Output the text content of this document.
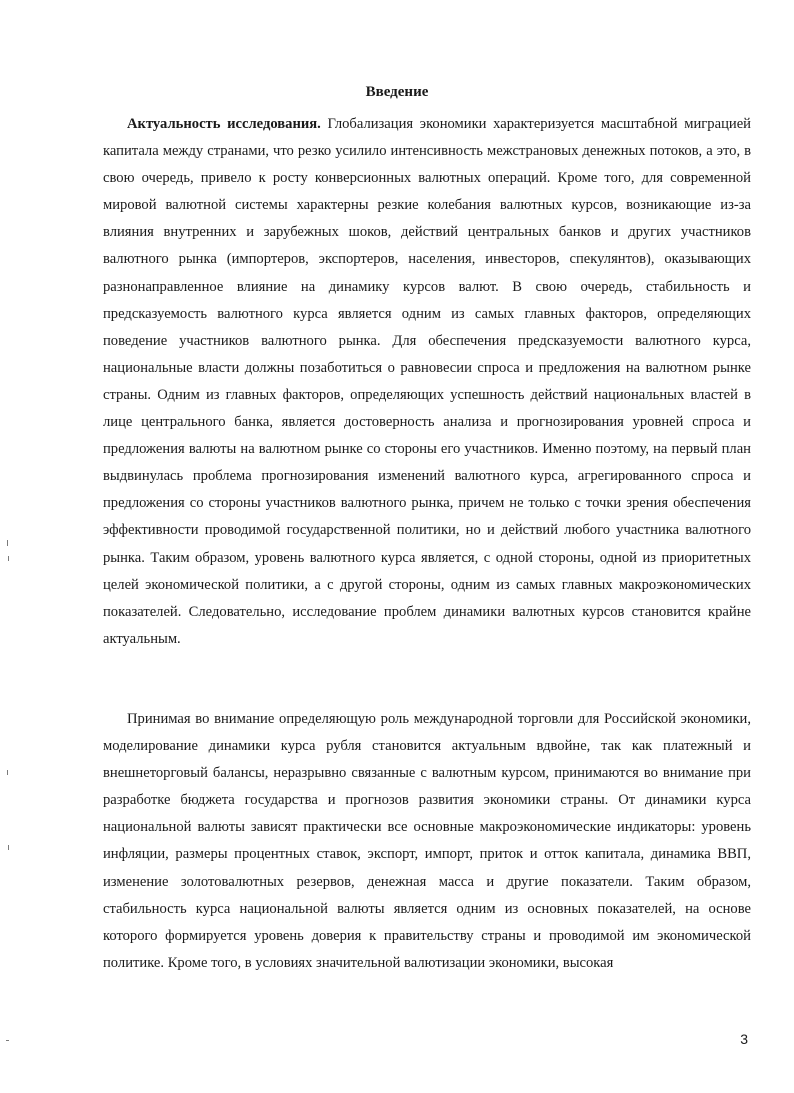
Введение

Актуальность исследования. Глобализация экономики характеризуется масштабной миграцией капитала между странами, что резко усилило интенсивность межстрановых денежных потоков, а это, в свою очередь, привело к росту конверсионных валютных операций. Кроме того, для современной мировой валютной системы характерны резкие колебания валютных курсов, возникающие из-за влияния внутренних и зарубежных шоков, действий центральных банков и других участников валютного рынка (импортеров, экспортеров, населения, инвесторов, спекулянтов), оказывающих разнонаправленное влияние на динамику курсов валют. В свою очередь, стабильность и предсказуемость валютного курса является одним из самых главных факторов, определяющих поведение участников валютного рынка. Для обеспечения предсказуемости валютного курса, национальные власти должны позаботиться о равновесии спроса и предложения на валютном рынке страны. Одним из главных факторов, определяющих успешность действий национальных властей в лице центрального банка, является достоверность анализа и прогнозирования уровней спроса и предложения валюты на валютном рынке со стороны его участников. Именно поэтому, на первый план выдвинулась проблема прогнозирования изменений валютного курса, агрегированного спроса и предложения со стороны участников валютного рынка, причем не только с точки зрения обеспечения эффективности проводимой государственной политики, но и действий любого участника валютного рынка. Таким образом, уровень валютного курса является, с одной стороны, одной из приоритетных целей экономической политики, а с другой стороны, одним из самых главных макроэкономических показателей. Следовательно, исследование проблем динамики валютных курсов становится крайне актуальным.

Принимая во внимание определяющую роль международной торговли для Российской экономики, моделирование динамики курса рубля становится актуальным вдвойне, так как платежный и внешнеторговый балансы, неразрывно связанные с валютным курсом, принимаются во внимание при разработке бюджета государства и прогнозов развития экономики страны. От динамики курса национальной валюты зависят практически все основные макроэкономические индикаторы: уровень инфляции, размеры процентных ставок, экспорт, импорт, приток и отток капитала, динамика ВВП, изменение золотовалютных резервов, денежная масса и другие показатели. Таким образом, стабильность курса национальной валюты является одним из основных показателей, на основе которого формируется уровень доверия к правительству страны и проводимой им экономической политике. Кроме того, в условиях значительной валютизации экономики, высокая

3
